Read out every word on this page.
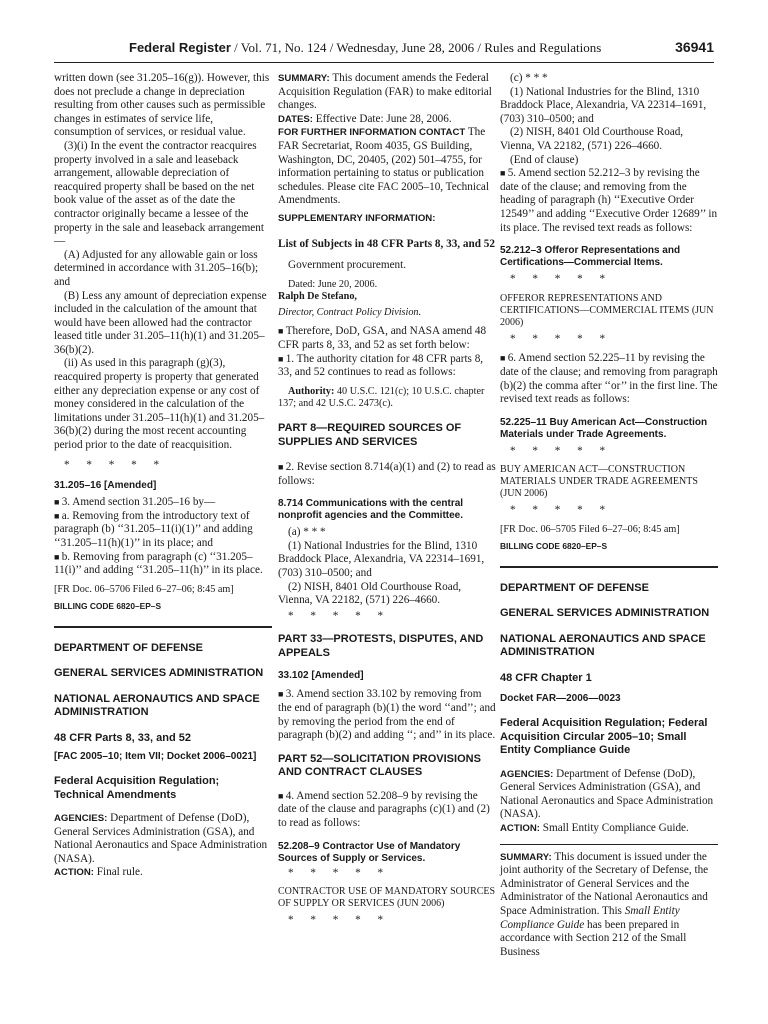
Federal Register / Vol. 71, No. 124 / Wednesday, June 28, 2006 / Rules and Regulations	36941

written down (see 31.205–16(g)). However, this does not preclude a change in depreciation resulting from other causes such as permissible changes in estimates of service life, consumption of services, or residual value.

(3)(i) In the event the contractor reacquires property involved in a sale and leaseback arrangement, allowable depreciation of reacquired property shall be based on the net book value of the asset as of the date the contractor originally became a lessee of the property in the sale and leaseback arrangement—

(A) Adjusted for any allowable gain or loss determined in accordance with 31.205–16(b); and

(B) Less any amount of depreciation expense included in the calculation of the amount that would have been allowed had the contractor leased title under 31.205–11(h)(1) and 31.205–36(b)(2).

(ii) As used in this paragraph (g)(3), reacquired property is property that generated either any depreciation expense or any cost of money considered in the calculation of the limitations under 31.205–11(h)(1) and 31.205–36(b)(2) during the most recent accounting period prior to the date of reacquisition.

*      *      *      *      *

31.205–16 [Amended]

■ 3. Amend section 31.205–16 by—

■ a. Removing from the introductory text of paragraph (b) ‘‘31.205–11(i)(1)’’ and adding ‘‘31.205–11(h)(1)’’ in its place; and

■ b. Removing from paragraph (c) ‘‘31.205–11(i)’’ and adding ‘‘31.205–11(h)’’ in its place.

[FR Doc. 06–5706 Filed 6–27–06; 8:45 am]

BILLING CODE 6820–EP–S

DEPARTMENT OF DEFENSE

GENERAL SERVICES ADMINISTRATION

NATIONAL AERONAUTICS AND SPACE ADMINISTRATION

48 CFR Parts 8, 33, and 52

[FAC 2005–10; Item VII; Docket 2006–0021]

Federal Acquisition Regulation; Technical Amendments

AGENCIES: Department of Defense (DoD), General Services Administration (GSA), and National Aeronautics and Space Administration (NASA).

ACTION: Final rule.

SUMMARY: This document amends the Federal Acquisition Regulation (FAR) to make editorial changes.

DATES: Effective Date: June 28, 2006.

FOR FURTHER INFORMATION CONTACT The FAR Secretariat, Room 4035, GS Building, Washington, DC, 20405, (202) 501–4755, for information pertaining to status or publication schedules. Please cite FAC 2005–10, Technical Amendments.

SUPPLEMENTARY INFORMATION:

List of Subjects in 48 CFR Parts 8, 33, and 52

Government procurement.

Dated: June 20, 2006.

Ralph De Stefano,

Director, Contract Policy Division.

■ Therefore, DoD, GSA, and NASA amend 48 CFR parts 8, 33, and 52 as set forth below:

■ 1. The authority citation for 48 CFR parts 8, 33, and 52 continues to read as follows:

Authority: 40 U.S.C. 121(c); 10 U.S.C. chapter 137; and 42 U.S.C. 2473(c).

PART 8—REQUIRED SOURCES OF SUPPLIES AND SERVICES

■ 2. Revise section 8.714(a)(1) and (2) to read as follows:

8.714 Communications with the central nonprofit agencies and the Committee.

(a) * * *

(1) National Industries for the Blind, 1310 Braddock Place, Alexandria, VA 22314–1691, (703) 310–0500; and

(2) NISH, 8401 Old Courthouse Road, Vienna, VA 22182, (571) 226–4660.

*      *      *      *      *

PART 33—PROTESTS, DISPUTES, AND APPEALS

33.102 [Amended]

■ 3. Amend section 33.102 by removing from the end of paragraph (b)(1) the word ‘‘and’’; and by removing the period from the end of paragraph (b)(2) and adding ‘‘; and’’ in its place.

PART 52—SOLICITATION PROVISIONS AND CONTRACT CLAUSES

■ 4. Amend section 52.208–9 by revising the date of the clause and paragraphs (c)(1) and (2) to read as follows:

52.208–9 Contractor Use of Mandatory Sources of Supply or Services.

*      *      *      *      *

CONTRACTOR USE OF MANDATORY SOURCES OF SUPPLY OR SERVICES (JUN 2006)

*      *      *      *      *

(c) * * *

(1) National Industries for the Blind, 1310 Braddock Place, Alexandria, VA 22314–1691, (703) 310–0500; and

(2) NISH, 8401 Old Courthouse Road, Vienna, VA 22182, (571) 226–4660.

(End of clause)

■ 5. Amend section 52.212–3 by revising the date of the clause; and removing from the heading of paragraph (h) ‘‘Executive Order 12549’’ and adding ‘‘Executive Order 12689’’ in its place. The revised text reads as follows:

52.212–3 Offeror Representations and Certifications—Commercial Items.

*      *      *      *      *

OFFEROR REPRESENTATIONS AND CERTIFICATIONS—COMMERCIAL ITEMS (JUN 2006)

*      *      *      *      *

■ 6. Amend section 52.225–11 by revising the date of the clause; and removing from paragraph (b)(2) the comma after ‘‘or’’ in the first line. The revised text reads as follows:

52.225–11 Buy American Act—Construction Materials under Trade Agreements.

*      *      *      *      *

BUY AMERICAN ACT—CONSTRUCTION MATERIALS UNDER TRADE AGREEMENTS (JUN 2006)

*      *      *      *      *

[FR Doc. 06–5705 Filed 6–27–06; 8:45 am]

BILLING CODE 6820–EP–S

DEPARTMENT OF DEFENSE

GENERAL SERVICES ADMINISTRATION

NATIONAL AERONAUTICS AND SPACE ADMINISTRATION

48 CFR Chapter 1

Docket FAR—2006—0023

Federal Acquisition Regulation; Federal Acquisition Circular 2005–10; Small Entity Compliance Guide

AGENCIES: Department of Defense (DoD), General Services Administration (GSA), and National Aeronautics and Space Administration (NASA).

ACTION: Small Entity Compliance Guide.

SUMMARY: This document is issued under the joint authority of the Secretary of Defense, the Administrator of General Services and the Administrator of the National Aeronautics and Space Administration. This Small Entity Compliance Guide has been prepared in accordance with Section 212 of the Small Business
